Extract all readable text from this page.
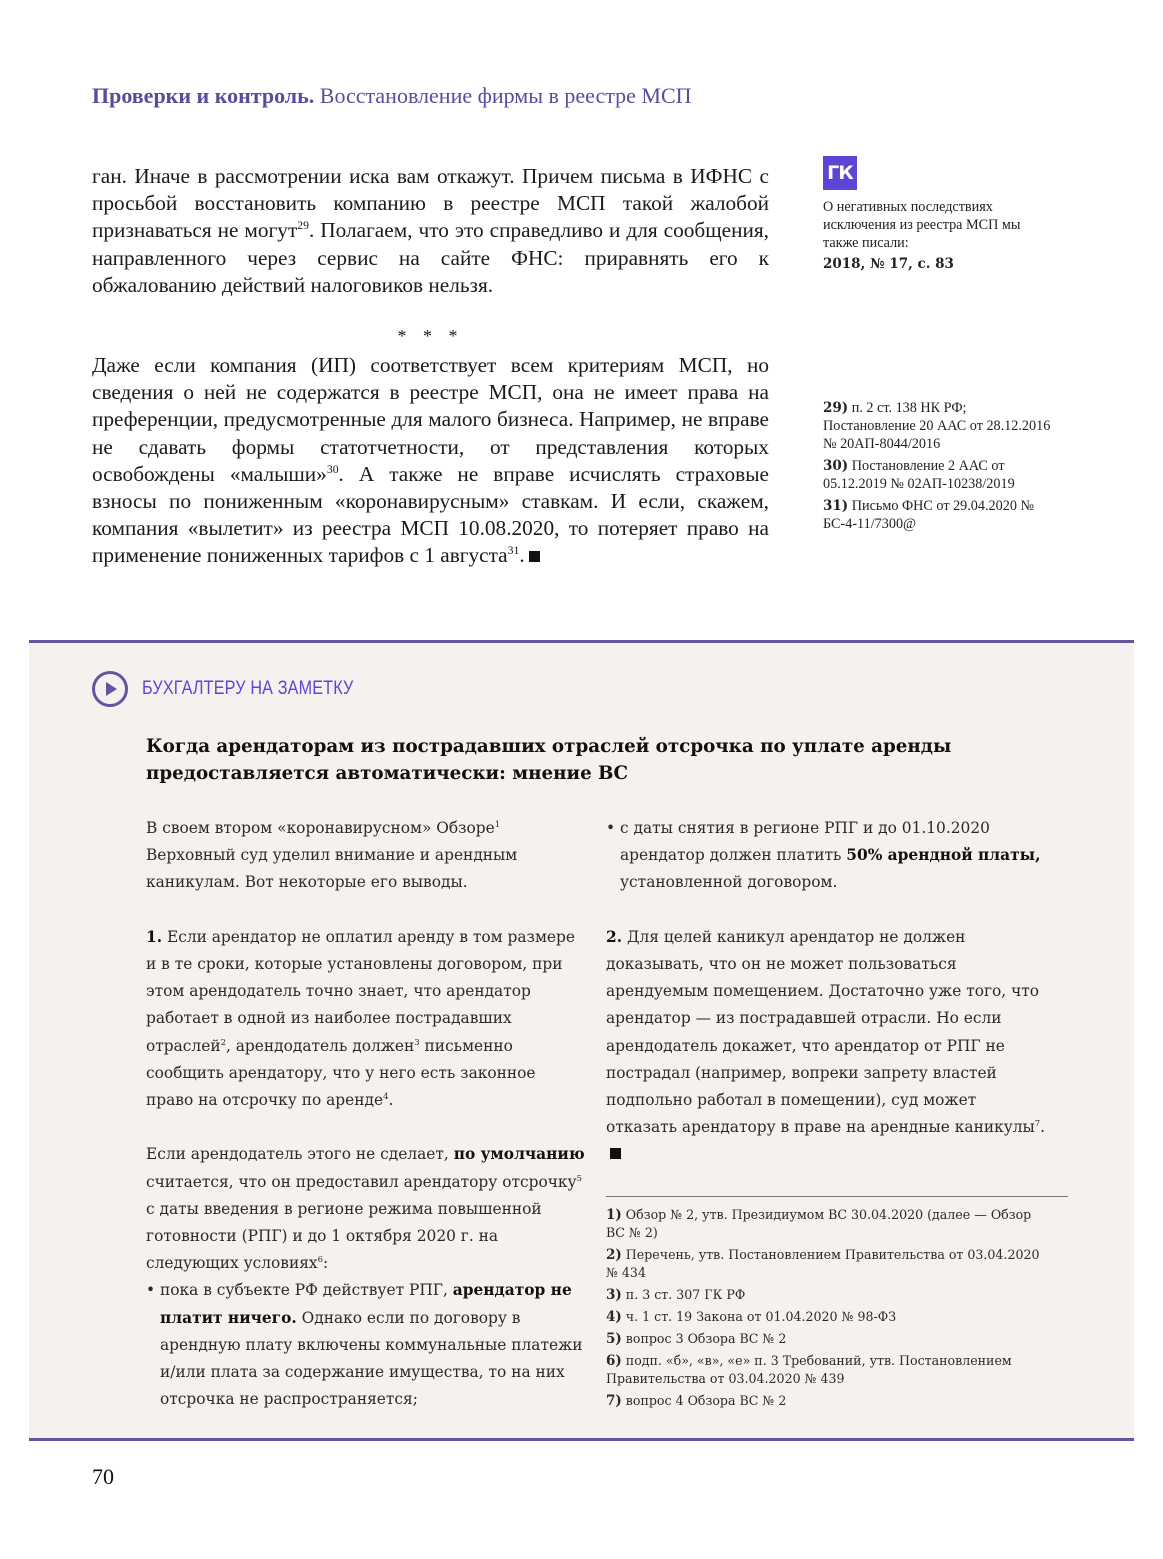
Проверки и контроль. Восстановление фирмы в реестре МСП
ган. Иначе в рассмотрении иска вам откажут. Причем письма в ИФНС с просьбой восстановить компанию в реестре МСП такой жалобой признаваться не могут$^{29}$. Полагаем, что это справедливо и для сообщения, направленного через сервис на сайте ФНС: приравнять его к обжалованию действий налоговиков нельзя.
* * *
Даже если компания (ИП) соответствует всем критериям МСП, но сведения о ней не содержатся в реестре МСП, она не имеет права на преференции, предусмотренные для малого бизнеса. Например, не вправе не сдавать формы статотчетности, от представления которых освобождены «малыши»$^{30}$. А также не вправе исчислять страховые взносы по пониженным «коронавирусным» ставкам. И если, скажем, компания «вылетит» из реестра МСП 10.08.2020, то потеряет право на применение пониженных тарифов с 1 августа$^{31}$.
ГК
О негативных последствиях исключения из реестра МСП мы также писали:
2018, № 17, с. 83
29) п. 2 ст. 138 НК РФ; Постановление 20 ААС от 28.12.2016 № 20АП-8044/2016
30) Постановление 2 ААС от 05.12.2019 № 02АП-10238/2019
31) Письмо ФНС от 29.04.2020 № БС-4-11/7300@
БУХГАЛТЕРУ НА ЗАМЕТКУ
Когда арендаторам из пострадавших отраслей отсрочка по уплате аренды предоставляется автоматически: мнение ВС

В своем втором «коронавирусном» Обзоре$^1$ Верховный суд уделил внимание и арендным каникулам. Вот некоторые его выводы.

1. Если арендатор не оплатил аренду в том размере и в те сроки, которые установлены договором, при этом арендодатель точно знает, что арендатор работает в одной из наиболее пострадавших отраслей$^2$, арендодатель должен$^3$ письменно сообщить арендатору, что у него есть законное право на отсрочку по аренде$^4$.

Если арендодатель этого не сделает, по умолчанию считается, что он предоставил арендатору отсрочку$^5$ с даты введения в регионе режима повышенной готовности (РПГ) и до 1 октября 2020 г. на следующих условиях$^6$:

• пока в субъекте РФ действует РПГ, арендатор не платит ничего. Однако если по договору в арендную плату включены коммунальные платежи и/или плата за содержание имущества, то на них отсрочка не распространяется;

• с даты снятия в регионе РПГ и до 01.10.2020 арендатор должен платить 50% арендной платы, установленной договором.

2. Для целей каникул арендатор не должен доказывать, что он не может пользоваться арендуемым помещением. Достаточно уже того, что арендатор — из пострадавшей отрасли. Но если арендодатель докажет, что арендатор от РПГ не пострадал (например, вопреки запрету властей подпольно работал в помещении), суд может отказать арендатору в праве на арендные каникулы$^7$.

1) Обзор № 2, утв. Президиумом ВС 30.04.2020 (далее — Обзор ВС № 2)
2) Перечень, утв. Постановлением Правительства от 03.04.2020 № 434
3) п. 3 ст. 307 ГК РФ
4) ч. 1 ст. 19 Закона от 01.04.2020 № 98-ФЗ
5) вопрос 3 Обзора ВС № 2
6) подп. «б», «в», «е» п. 3 Требований, утв. Постановлением Правительства от 03.04.2020 № 439
7) вопрос 4 Обзора ВС № 2
70
